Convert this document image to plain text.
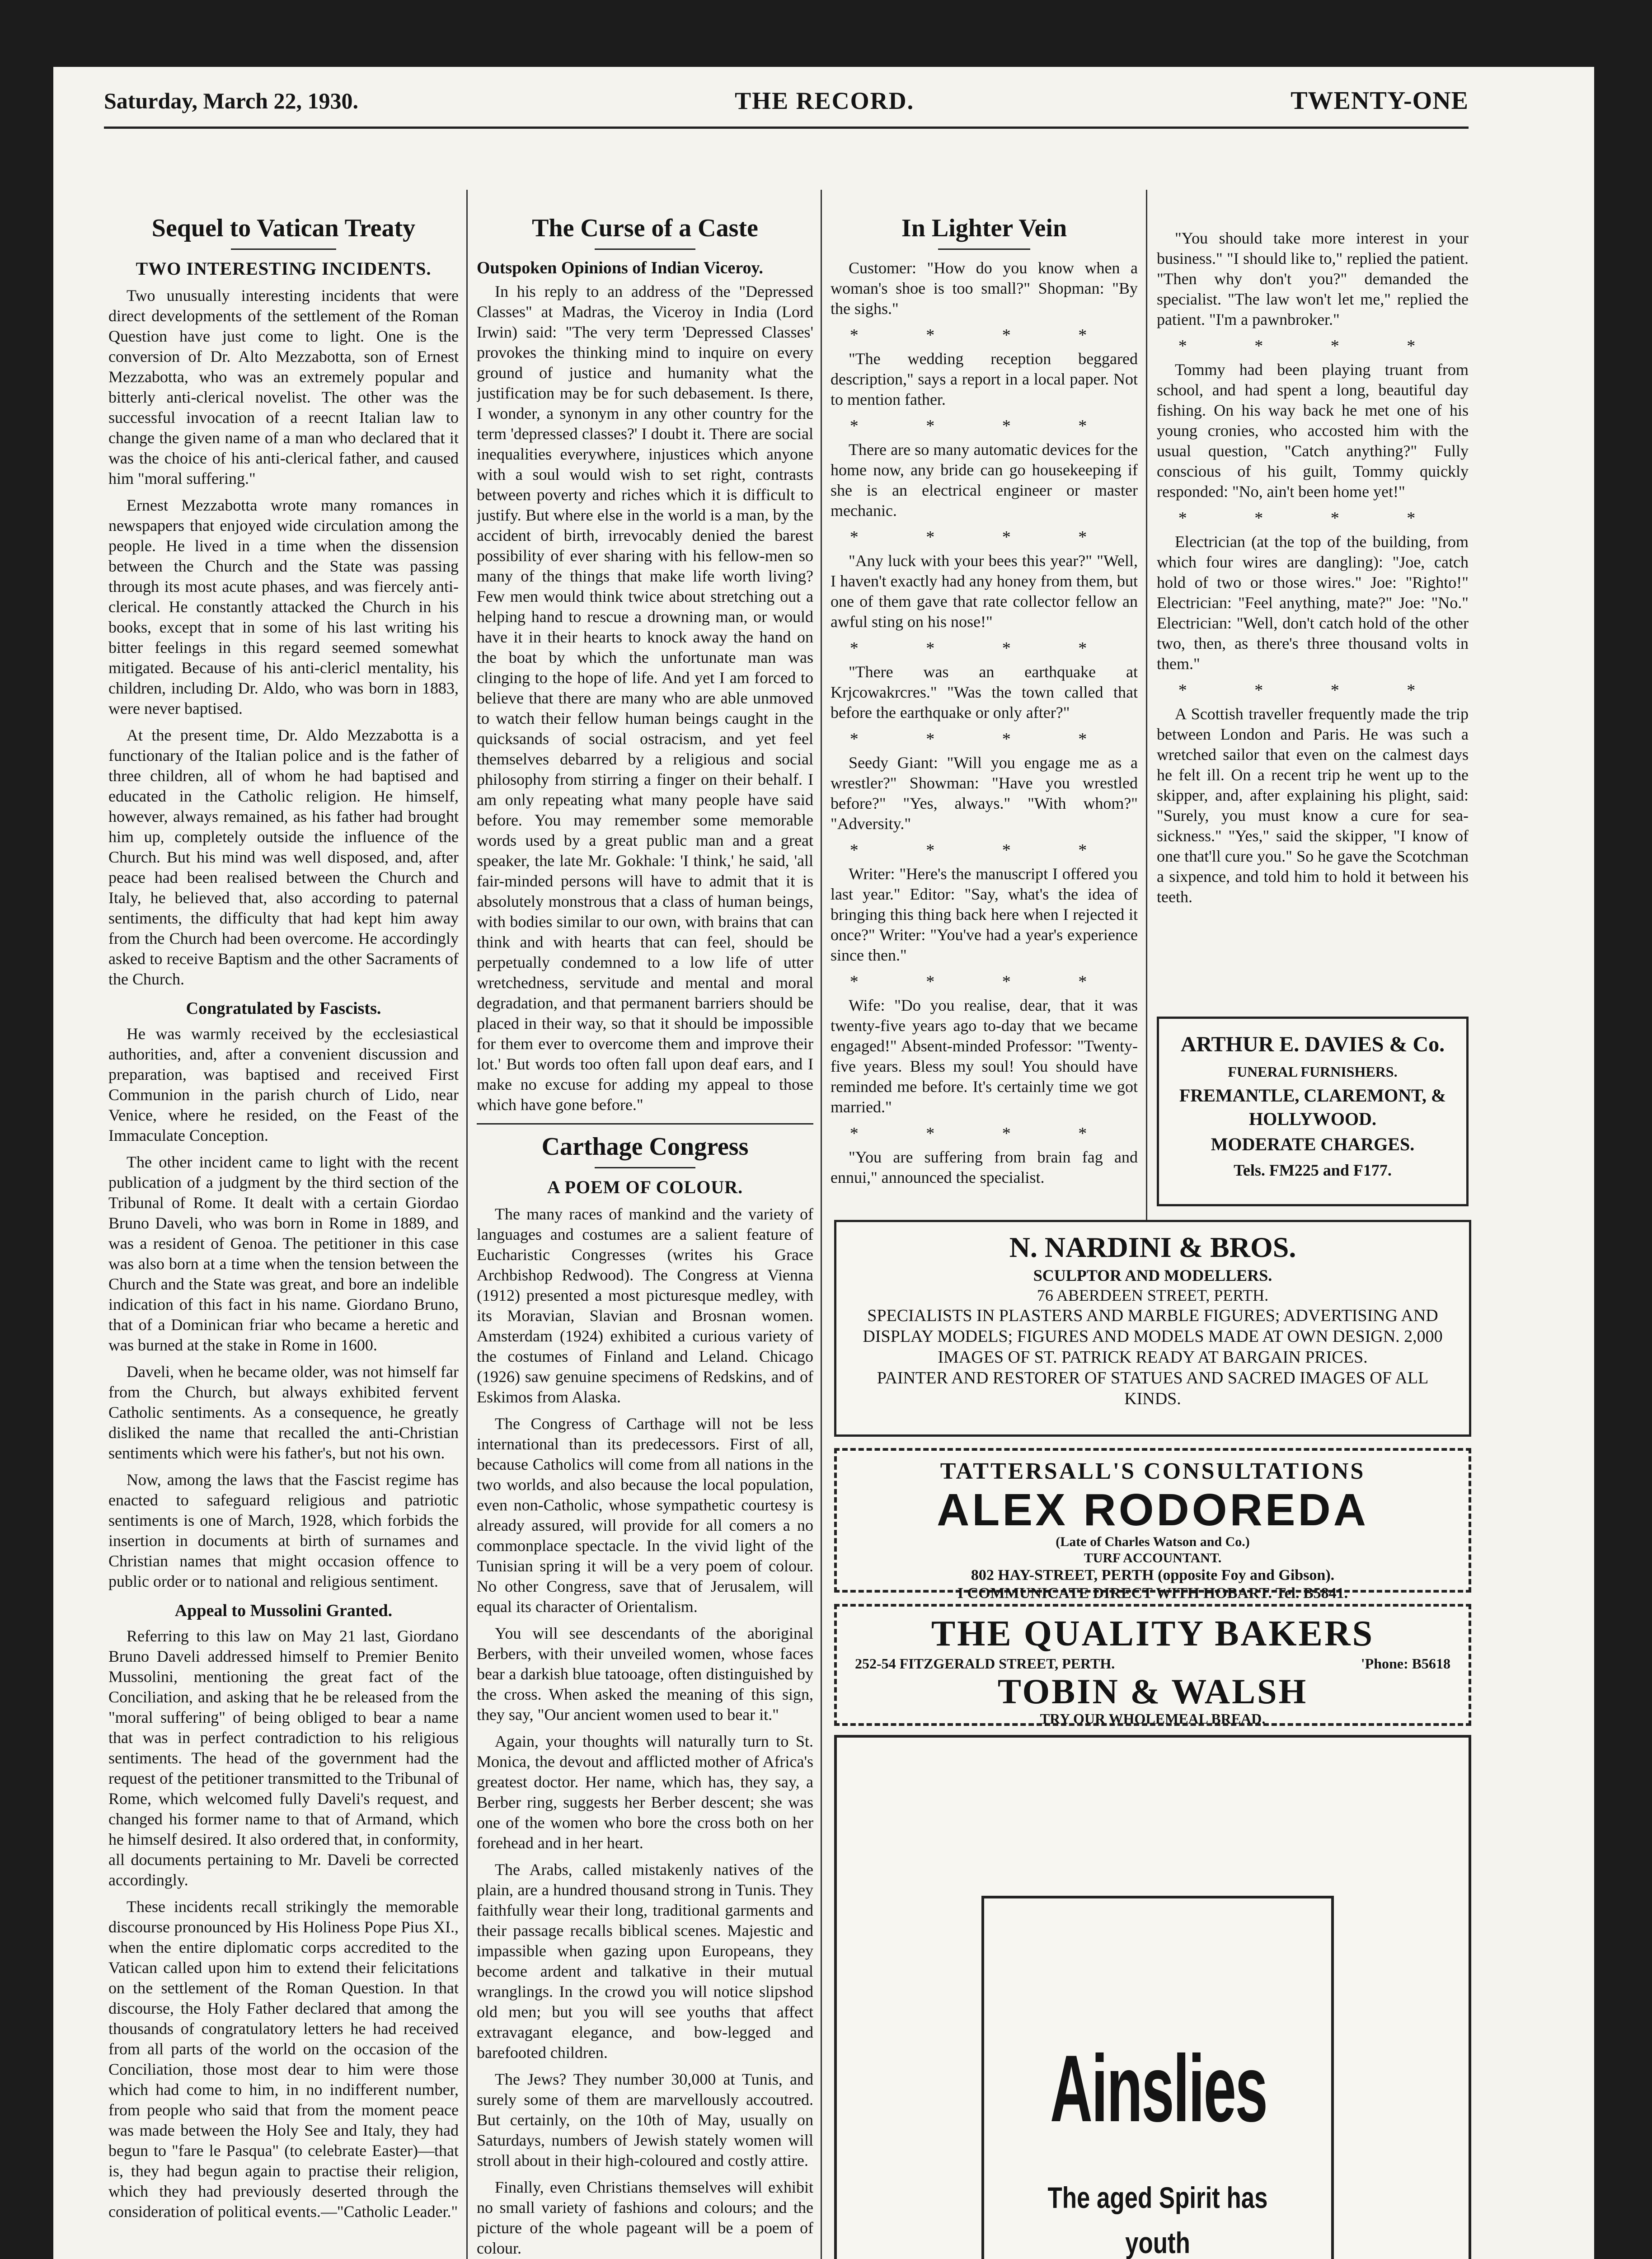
Saturday, March 22, 1930.	THE RECORD.	TWENTY-ONE
Sequel to Vatican Treaty
TWO INTERESTING INCIDENTS.

Two unusually interesting incidents that were direct developments of the settlement of the Roman Question have just come to light. One is the conversion of Dr. Alto Mezzabotta, son of Ernest Mezzabotta, who was an extremely popular and bitterly anti-clerical novelist. The other was the successful invocation of a reecnt Italian law to change the given name of a man who declared that it was the choice of his anti-clerical father, and caused him "moral suffering."

Ernest Mezzabotta wrote many romances in newspapers that enjoyed wide circulation among the people. He lived in a time when the dissension between the Church and the State was passing through its most acute phases, and was fiercely anti-clerical. He constantly attacked the Church in his books, except that in some of his last writing his bitter feelings in this regard seemed somewhat mitigated. Because of his anti-clericl mentality, his children, including Dr. Aldo, who was born in 1883, were never baptised.

At the present time, Dr. Aldo Mezzabotta is a functionary of the Italian police and is the father of three children, all of whom he had baptised and educated in the Catholic religion. He himself, however, always remained, as his father had brought him up, completely outside the influence of the Church. But his mind was well disposed, and, after peace had been realised between the Church and Italy, he believed that, also according to paternal sentiments, the difficulty that had kept him away from the Church had been overcome. He accordingly asked to receive Baptism and the other Sacraments of the Church.

Congratulated by Fascists.

He was warmly received by the ecclesiastical authorities, and, after a convenient discussion and preparation, was baptised and received First Communion in the parish church of Lido, near Venice, where he resided, on the Feast of the Immaculate Conception.

The other incident came to light with the recent publication of a judgment by the third section of the Tribunal of Rome. It dealt with a certain Giordao Bruno Daveli, who was born in Rome in 1889, and was a resident of Genoa. The petitioner in this case was also born at a time when the tension between the Church and the State was great, and bore an indelible indication of this fact in his name. Giordano Bruno, that of a Dominican friar who became a heretic and was burned at the stake in Rome in 1600.

Daveli, when he became older, was not himself far from the Church, but always exhibited fervent Catholic sentiments. As a consequence, he greatly disliked the name that recalled the anti-Christian sentiments which were his father's, but not his own.

Now, among the laws that the Fascist regime has enacted to safeguard religious and patriotic sentiments is one of March, 1928, which forbids the insertion in documents at birth of surnames and Christian names that might occasion offence to public order or to national and religious sentiment.

Appeal to Mussolini Granted.

Referring to this law on May 21 last, Giordano Bruno Daveli addressed himself to Premier Benito Mussolini, mentioning the great fact of the Conciliation, and asking that he be released from the "moral suffering" of being obliged to bear a name that was in perfect contradiction to his religious sentiments. The head of the government had the request of the petitioner transmitted to the Tribunal of Rome, which welcomed fully Daveli's request, and changed his former name to that of Armand, which he himself desired. It also ordered that, in conformity, all documents pertaining to Mr. Daveli be corrected accordingly.

These incidents recall strikingly the memorable discourse pronounced by His Holiness Pope Pius XI., when the entire diplomatic corps accredited to the Vatican called upon him to extend their felicitations on the settlement of the Roman Question. In that discourse, the Holy Father declared that among the thousands of congratulatory letters he had received from all parts of the world on the occasion of the Conciliation, those most dear to him were those which had come to him, in no indifferent number, from people who said that from the moment peace was made between the Holy See and Italy, they had begun to "fare le Pasqua" (to celebrate Easter)—that is, they had begun again to practise their religion, which they had previously deserted through the consideration of political events.—"Catholic Leader."

The Curse of a Caste
Outspoken Opinions of Indian Viceroy.

In his reply to an address of the "Depressed Classes" at Madras, the Viceroy in India (Lord Irwin) said: "The very term 'Depressed Classes' provokes the thinking mind to inquire on every ground of justice and humanity what the justification may be for such debasement. Is there, I wonder, a synonym in any other country for the term 'depressed classes?' I doubt it. There are social inequalities everywhere, injustices which anyone with a soul would wish to set right, contrasts between poverty and riches which it is difficult to justify. But where else in the world is a man, by the accident of birth, irrevocably denied the barest possibility of ever sharing with his fellow-men so many of the things that make life worth living? Few men would think twice about stretching out a helping hand to rescue a drowning man, or would have it in their hearts to knock away the hand on the boat by which the unfortunate man was clinging to the hope of life. And yet I am forced to believe that there are many who are able unmoved to watch their fellow human beings caught in the quicksands of social ostracism, and yet feel themselves debarred by a religious and social philosophy from stirring a finger on their behalf. I am only repeating what many people have said before. You may remember some memorable words used by a great public man and a great speaker, the late Mr. Gokhale: 'I think,' he said, 'all fair-minded persons will have to admit that it is absolutely monstrous that a class of human beings, with bodies similar to our own, with brains that can think and with hearts that can feel, should be perpetually condemned to a low life of utter wretchedness, servitude and mental and moral degradation, and that permanent barriers should be placed in their way, so that it should be impossible for them ever to overcome them and improve their lot.' But words too often fall upon deaf ears, and I make no excuse for adding my appeal to those which have gone before."

Carthage Congress
A POEM OF COLOUR.

The many races of mankind and the variety of languages and costumes are a salient feature of Eucharistic Congresses (writes his Grace Archbishop Redwood). The Congress at Vienna (1912) presented a most picturesque medley, with its Moravian, Slavian and Brosnan women. Amsterdam (1924) exhibited a curious variety of the costumes of Finland and Leland. Chicago (1926) saw genuine specimens of Redskins, and of Eskimos from Alaska.

The Congress of Carthage will not be less international than its predecessors. First of all, because Catholics will come from all nations in the two worlds, and also because the local population, even non-Catholic, whose sympathetic courtesy is already assured, will provide for all comers a no commonplace spectacle. In the vivid light of the Tunisian spring it will be a very poem of colour. No other Congress, save that of Jerusalem, will equal its character of Orientalism.

You will see descendants of the aboriginal Berbers, with their unveiled women, whose faces bear a darkish blue tatooage, often distinguished by the cross. When asked the meaning of this sign, they say, "Our ancient women used to bear it."

Again, your thoughts will naturally turn to St. Monica, the devout and afflicted mother of Africa's greatest doctor. Her name, which has, they say, a Berber ring, suggests her Berber descent; she was one of the women who bore the cross both on her forehead and in her heart.

The Arabs, called mistakenly natives of the plain, are a hundred thousand strong in Tunis. They faithfully wear their long, traditional garments and their passage recalls biblical scenes. Majestic and impassible when gazing upon Europeans, they become ardent and talkative in their mutual wranglings. In the crowd you will notice slipshod old men; but you will see youths that affect extravagant elegance, and bow-legged and barefooted children.

The Jews? They number 30,000 at Tunis, and surely some of them are marvellously accoutred. But certainly, on the 10th of May, usually on Saturdays, numbers of Jewish stately women will stroll about in their high-coloured and costly attire.

Finally, even Christians themselves will exhibit no small variety of fashions and colours; and the picture of the whole pageant will be a poem of colour.

In Lighter Vein

Customer: "How do you know when a woman's shoe is too small?" Shopman: "By the sighs."

* * * *

"The wedding reception beggared description," says a report in a local paper. Not to mention father.

* * * *

There are so many automatic devices for the home now, any bride can go housekeeping if she is an electrical engineer or master mechanic.

* * * *

"Any luck with your bees this year?" "Well, I haven't exactly had any honey from them, but one of them gave that rate collector fellow an awful sting on his nose!"

* * * *

"There was an earthquake at Krjcowakrcres." "Was the town called that before the earthquake or only after?"

* * * *

Seedy Giant: "Will you engage me as a wrestler?" Showman: "Have you wrestled before?" "Yes, always." "With whom?" "Adversity."

* * * *

Writer: "Here's the manuscript I offered you last year." Editor: "Say, what's the idea of bringing this thing back here when I rejected it once?" Writer: "You've had a year's experience since then."

* * * *

Wife: "Do you realise, dear, that it was twenty-five years ago to-day that we became engaged!" Absent-minded Professor: "Twenty-five years. Bless my soul! You should have reminded me before. It's certainly time we got married."

* * * *

"You are suffering from brain fag and ennui," announced the specialist.

"You should take more interest in your business." "I should like to," replied the patient. "Then why don't you?" demanded the specialist. "The law won't let me," replied the patient. "I'm a pawnbroker."

* * * *

Tommy had been playing truant from school, and had spent a long, beautiful day fishing. On his way back he met one of his young cronies, who accosted him with the usual question, "Catch anything?" Fully conscious of his guilt, Tommy quickly responded: "No, ain't been home yet!"

* * * *

Electrician (at the top of the building, from which four wires are dangling): "Joe, catch hold of two or those wires." Joe: "Righto!" Electrician: "Feel anything, mate?" Joe: "No." Electrician: "Well, don't catch hold of the other two, then, as there's three thousand volts in them."

* * * *

A Scottish traveller frequently made the trip between London and Paris. He was such a wretched sailor that even on the calmest days he felt ill. On a recent trip he went up to the skipper, and, after explaining his plight, said: "Surely, you must know a cure for sea-sickness." "Yes," said the skipper, "I know of one that'll cure you." So he gave the Scotchman a sixpence, and told him to hold it between his teeth.

ARTHUR E. DAVIES & Co.
FUNERAL FURNISHERS.
FREMANTLE, CLAREMONT, & HOLLYWOOD.
MODERATE CHARGES.
Tels. FM225 and F177.
N. NARDINI & BROS.
SCULPTOR AND MODELLERS.
76 ABERDEEN STREET, PERTH.
SPECIALISTS IN PLASTERS AND MARBLE FIGURES; ADVERTISING AND DISPLAY MODELS; FIGURES AND MODELS MADE AT OWN DESIGN. 2,000 IMAGES OF ST. PATRICK READY AT BARGAIN PRICES.
PAINTER AND RESTORER OF STATUES AND SACRED IMAGES OF ALL KINDS.
TATTERSALL'S CONSULTATIONS
ALEX RODOREDA
(Late of Charles Watson and Co.)
TURF ACCOUNTANT.
802 HAY-STREET, PERTH (opposite Foy and Gibson).
I COMMUNICATE DIRECT WITH HOBART. Tel. B5841.
THE QUALITY BAKERS
252-54 FITZGERALD STREET, PERTH.	'Phone: B5618
TOBIN & WALSH
TRY OUR WHOLEMEAL BREAD.
Ainslies
The aged Spirit has youth
